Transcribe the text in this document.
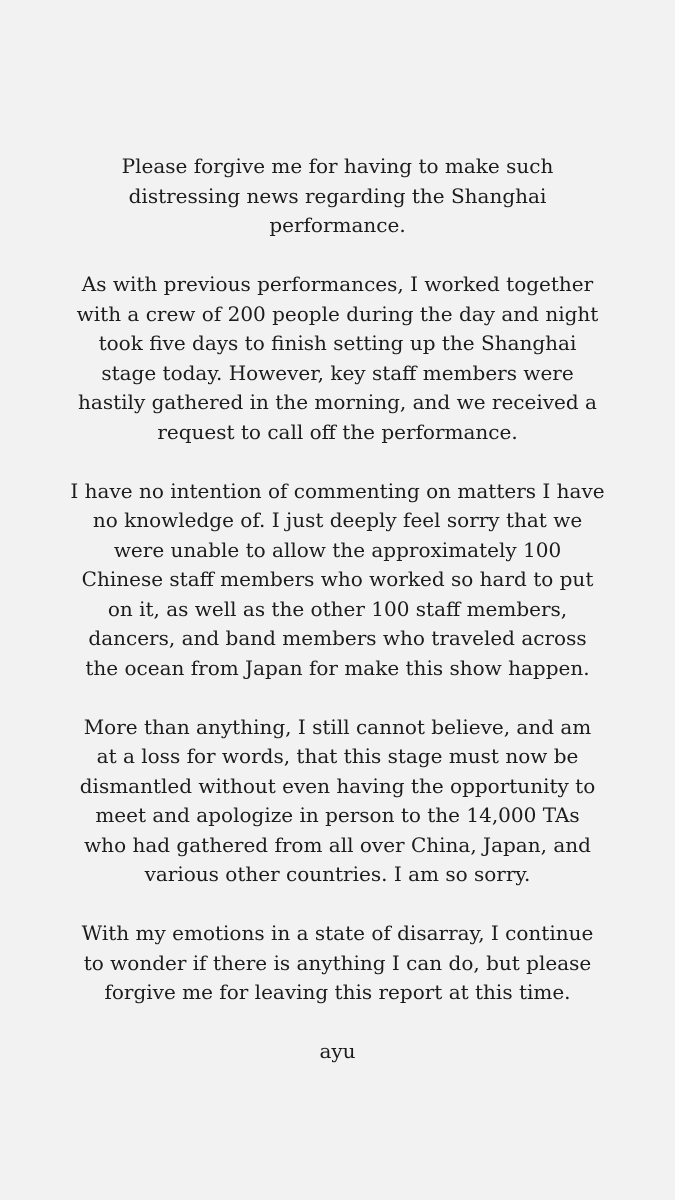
Please forgive me for having to make such
distressing news regarding the Shanghai
performance.

As with previous performances, I worked together
with a crew of 200 people during the day and night
took five days to finish setting up the Shanghai
stage today. However, key staff members were
hastily gathered in the morning, and we received a
request to call off the performance.

I have no intention of commenting on matters I have
no knowledge of. I just deeply feel sorry that we
were unable to allow the approximately 100
Chinese staff members who worked so hard to put
on it, as well as the other 100 staff members,
dancers, and band members who traveled across
the ocean from Japan for make this show happen.

More than anything, I still cannot believe, and am
at a loss for words, that this stage must now be
dismantled without even having the opportunity to
meet and apologize in person to the 14,000 TAs
who had gathered from all over China, Japan, and
various other countries. I am so sorry.

With my emotions in a state of disarray, I continue
to wonder if there is anything I can do, but please
forgive me for leaving this report at this time.

ayu
